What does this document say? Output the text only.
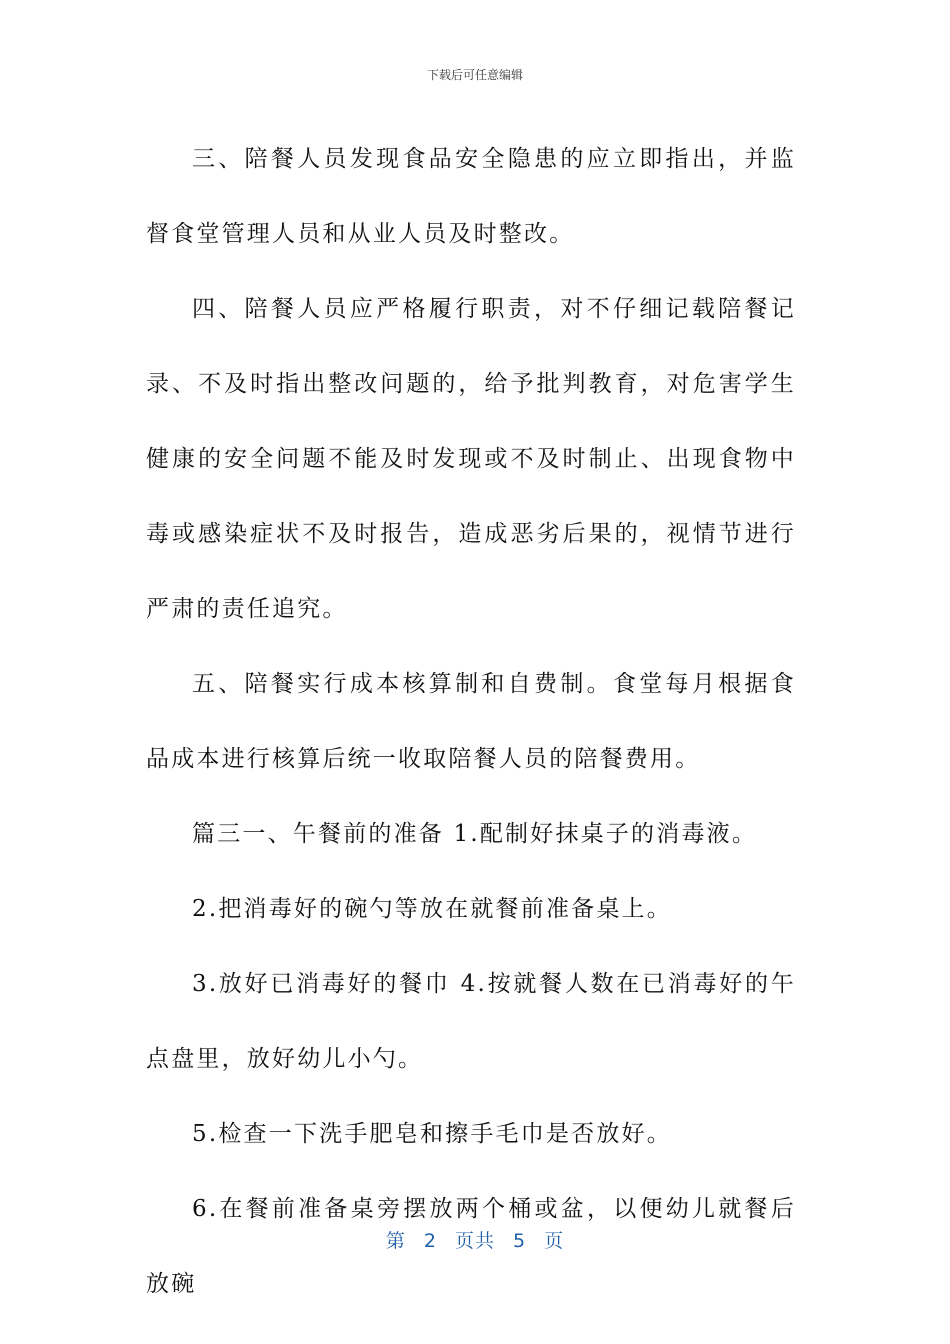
下载后可任意编辑

三、陪餐人员发现食品安全隐患的应立即指出，并监督食堂管理人员和从业人员及时整改。

四、陪餐人员应严格履行职责，对不仔细记载陪餐记录、不及时指出整改问题的，给予批判教育，对危害学生健康的安全问题不能及时发现或不及时制止、出现食物中毒或感染症状不及时报告，造成恶劣后果的，视情节进行严肃的责任追究。

五、陪餐实行成本核算制和自费制。食堂每月根据食品成本进行核算后统一收取陪餐人员的陪餐费用。

篇三一、午餐前的准备 1.配制好抹桌子的消毒液。

2.把消毒好的碗勺等放在就餐前准备桌上。

3.放好已消毒好的餐巾 4.按就餐人数在已消毒好的午点盘里，放好幼儿小勺。

5.检查一下洗手肥皂和擦手毛巾是否放好。

6.在餐前准备桌旁摆放两个桶或盆，以便幼儿就餐后放碗

第 2 页共 5 页
